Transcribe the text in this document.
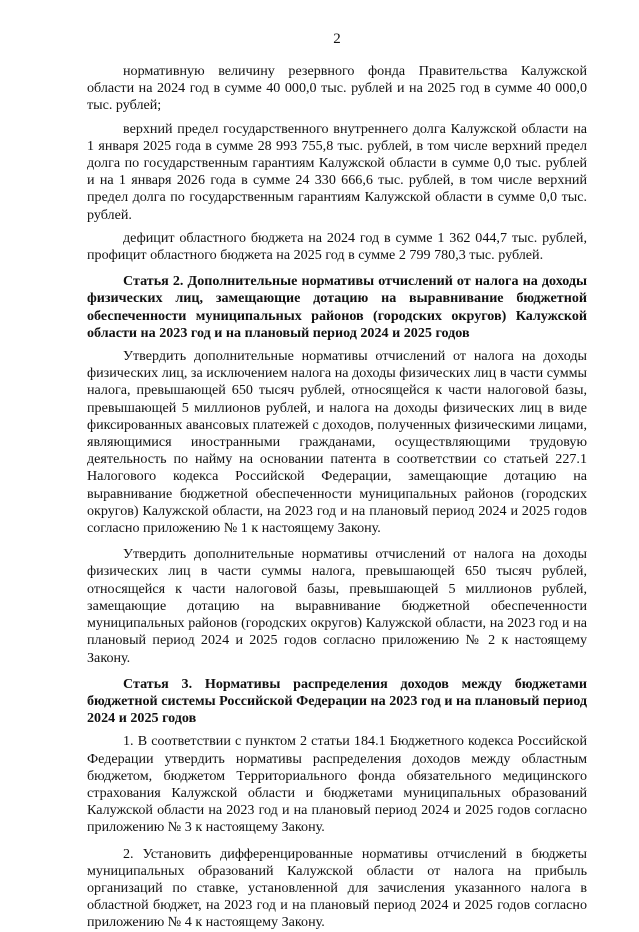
2

нормативную величину резервного фонда Правительства Калужской области на 2024 год в сумме 40 000,0 тыс. рублей и на 2025 год в сумме 40 000,0 тыс. рублей;

верхний предел государственного внутреннего долга Калужской области на 1 января 2025 года в сумме 28 993 755,8 тыс. рублей, в том числе верхний предел долга по государственным гарантиям Калужской области в сумме 0,0 тыс. рублей и на 1 января 2026 года в сумме 24 330 666,6 тыс. рублей, в том числе верхний предел долга по государственным гарантиям Калужской области в сумме 0,0 тыс. рублей.

дефицит областного бюджета на 2024 год в сумме 1 362 044,7 тыс. рублей, профицит областного бюджета на 2025 год в сумме 2 799 780,3 тыс. рублей.

Статья 2. Дополнительные нормативы отчислений от налога на доходы физических лиц, замещающие дотацию на выравнивание бюджетной обеспеченности муниципальных районов (городских округов) Калужской области на 2023 год и на плановый период 2024 и 2025 годов

Утвердить дополнительные нормативы отчислений от налога на доходы физических лиц, за исключением налога на доходы физических лиц в части суммы налога, превышающей 650 тысяч рублей, относящейся к части налоговой базы, превышающей 5 миллионов рублей, и налога на доходы физических лиц в виде фиксированных авансовых платежей с доходов, полученных физическими лицами, являющимися иностранными гражданами, осуществляющими трудовую деятельность по найму на основании патента в соответствии со статьей 227.1 Налогового кодекса Российской Федерации, замещающие дотацию на выравнивание бюджетной обеспеченности муниципальных районов (городских округов) Калужской области, на 2023 год и на плановый период 2024 и 2025 годов согласно приложению № 1 к настоящему Закону.

Утвердить дополнительные нормативы отчислений от налога на доходы физических лиц в части суммы налога, превышающей 650 тысяч рублей, относящейся к части налоговой базы, превышающей 5 миллионов рублей, замещающие дотацию на выравнивание бюджетной обеспеченности муниципальных районов (городских округов) Калужской области, на 2023 год и на плановый период 2024 и 2025 годов согласно приложению № 2 к настоящему Закону.

Статья 3. Нормативы распределения доходов между бюджетами бюджетной системы Российской Федерации на 2023 год и на плановый период 2024 и 2025 годов

1. В соответствии с пунктом 2 статьи 184.1 Бюджетного кодекса Российской Федерации утвердить нормативы распределения доходов между областным бюджетом, бюджетом Территориального фонда обязательного медицинского страхования Калужской области и бюджетами муниципальных образований Калужской области на 2023 год и на плановый период 2024 и 2025 годов согласно приложению № 3 к настоящему Закону.

2. Установить дифференцированные нормативы отчислений в бюджеты муниципальных образований Калужской области от налога на прибыль организаций по ставке, установленной для зачисления указанного налога в областной бюджет, на 2023 год и на плановый период 2024 и 2025 годов согласно приложению № 4 к настоящему Закону.
